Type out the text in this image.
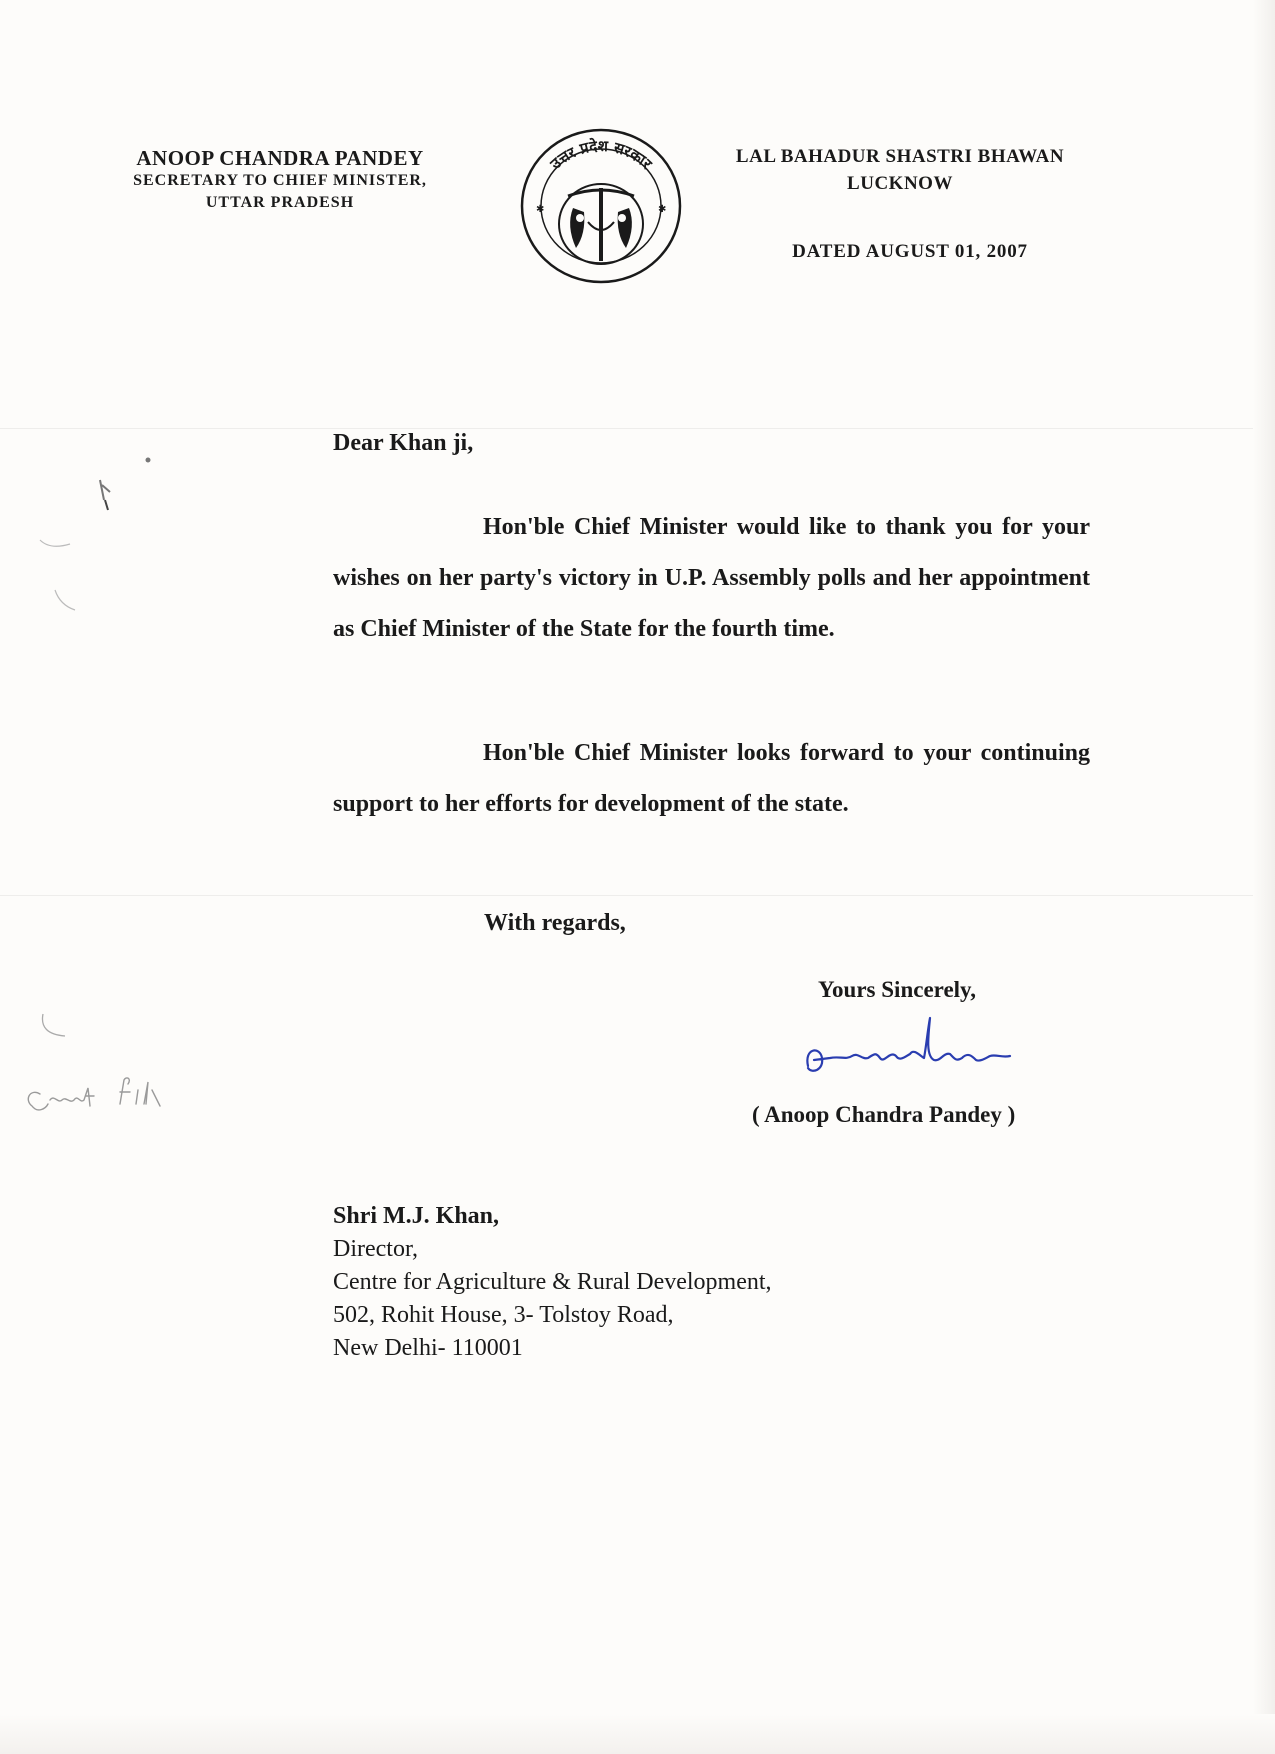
ANOOP CHANDRA PANDEY
SECRETARY TO CHIEF MINISTER,
UTTAR PRADESH
उत्तर प्रदेश सरकार
✱	✱
LAL BAHADUR SHASTRI BHAWAN
LUCKNOW
DATED AUGUST 01, 2007
Dear Khan ji,

Hon'ble Chief Minister would like to thank you for your wishes on her party's victory in U.P. Assembly polls and her appointment as Chief Minister of the State for the fourth time.

Hon'ble Chief Minister looks forward to your continuing support to her efforts for development of the state.

With regards,
Yours Sincerely,
( Anoop Chandra Pandey )
Shri M.J. Khan,
Director,
Centre for Agriculture & Rural Development,
502, Rohit House, 3- Tolstoy Road,
New Delhi- 110001
